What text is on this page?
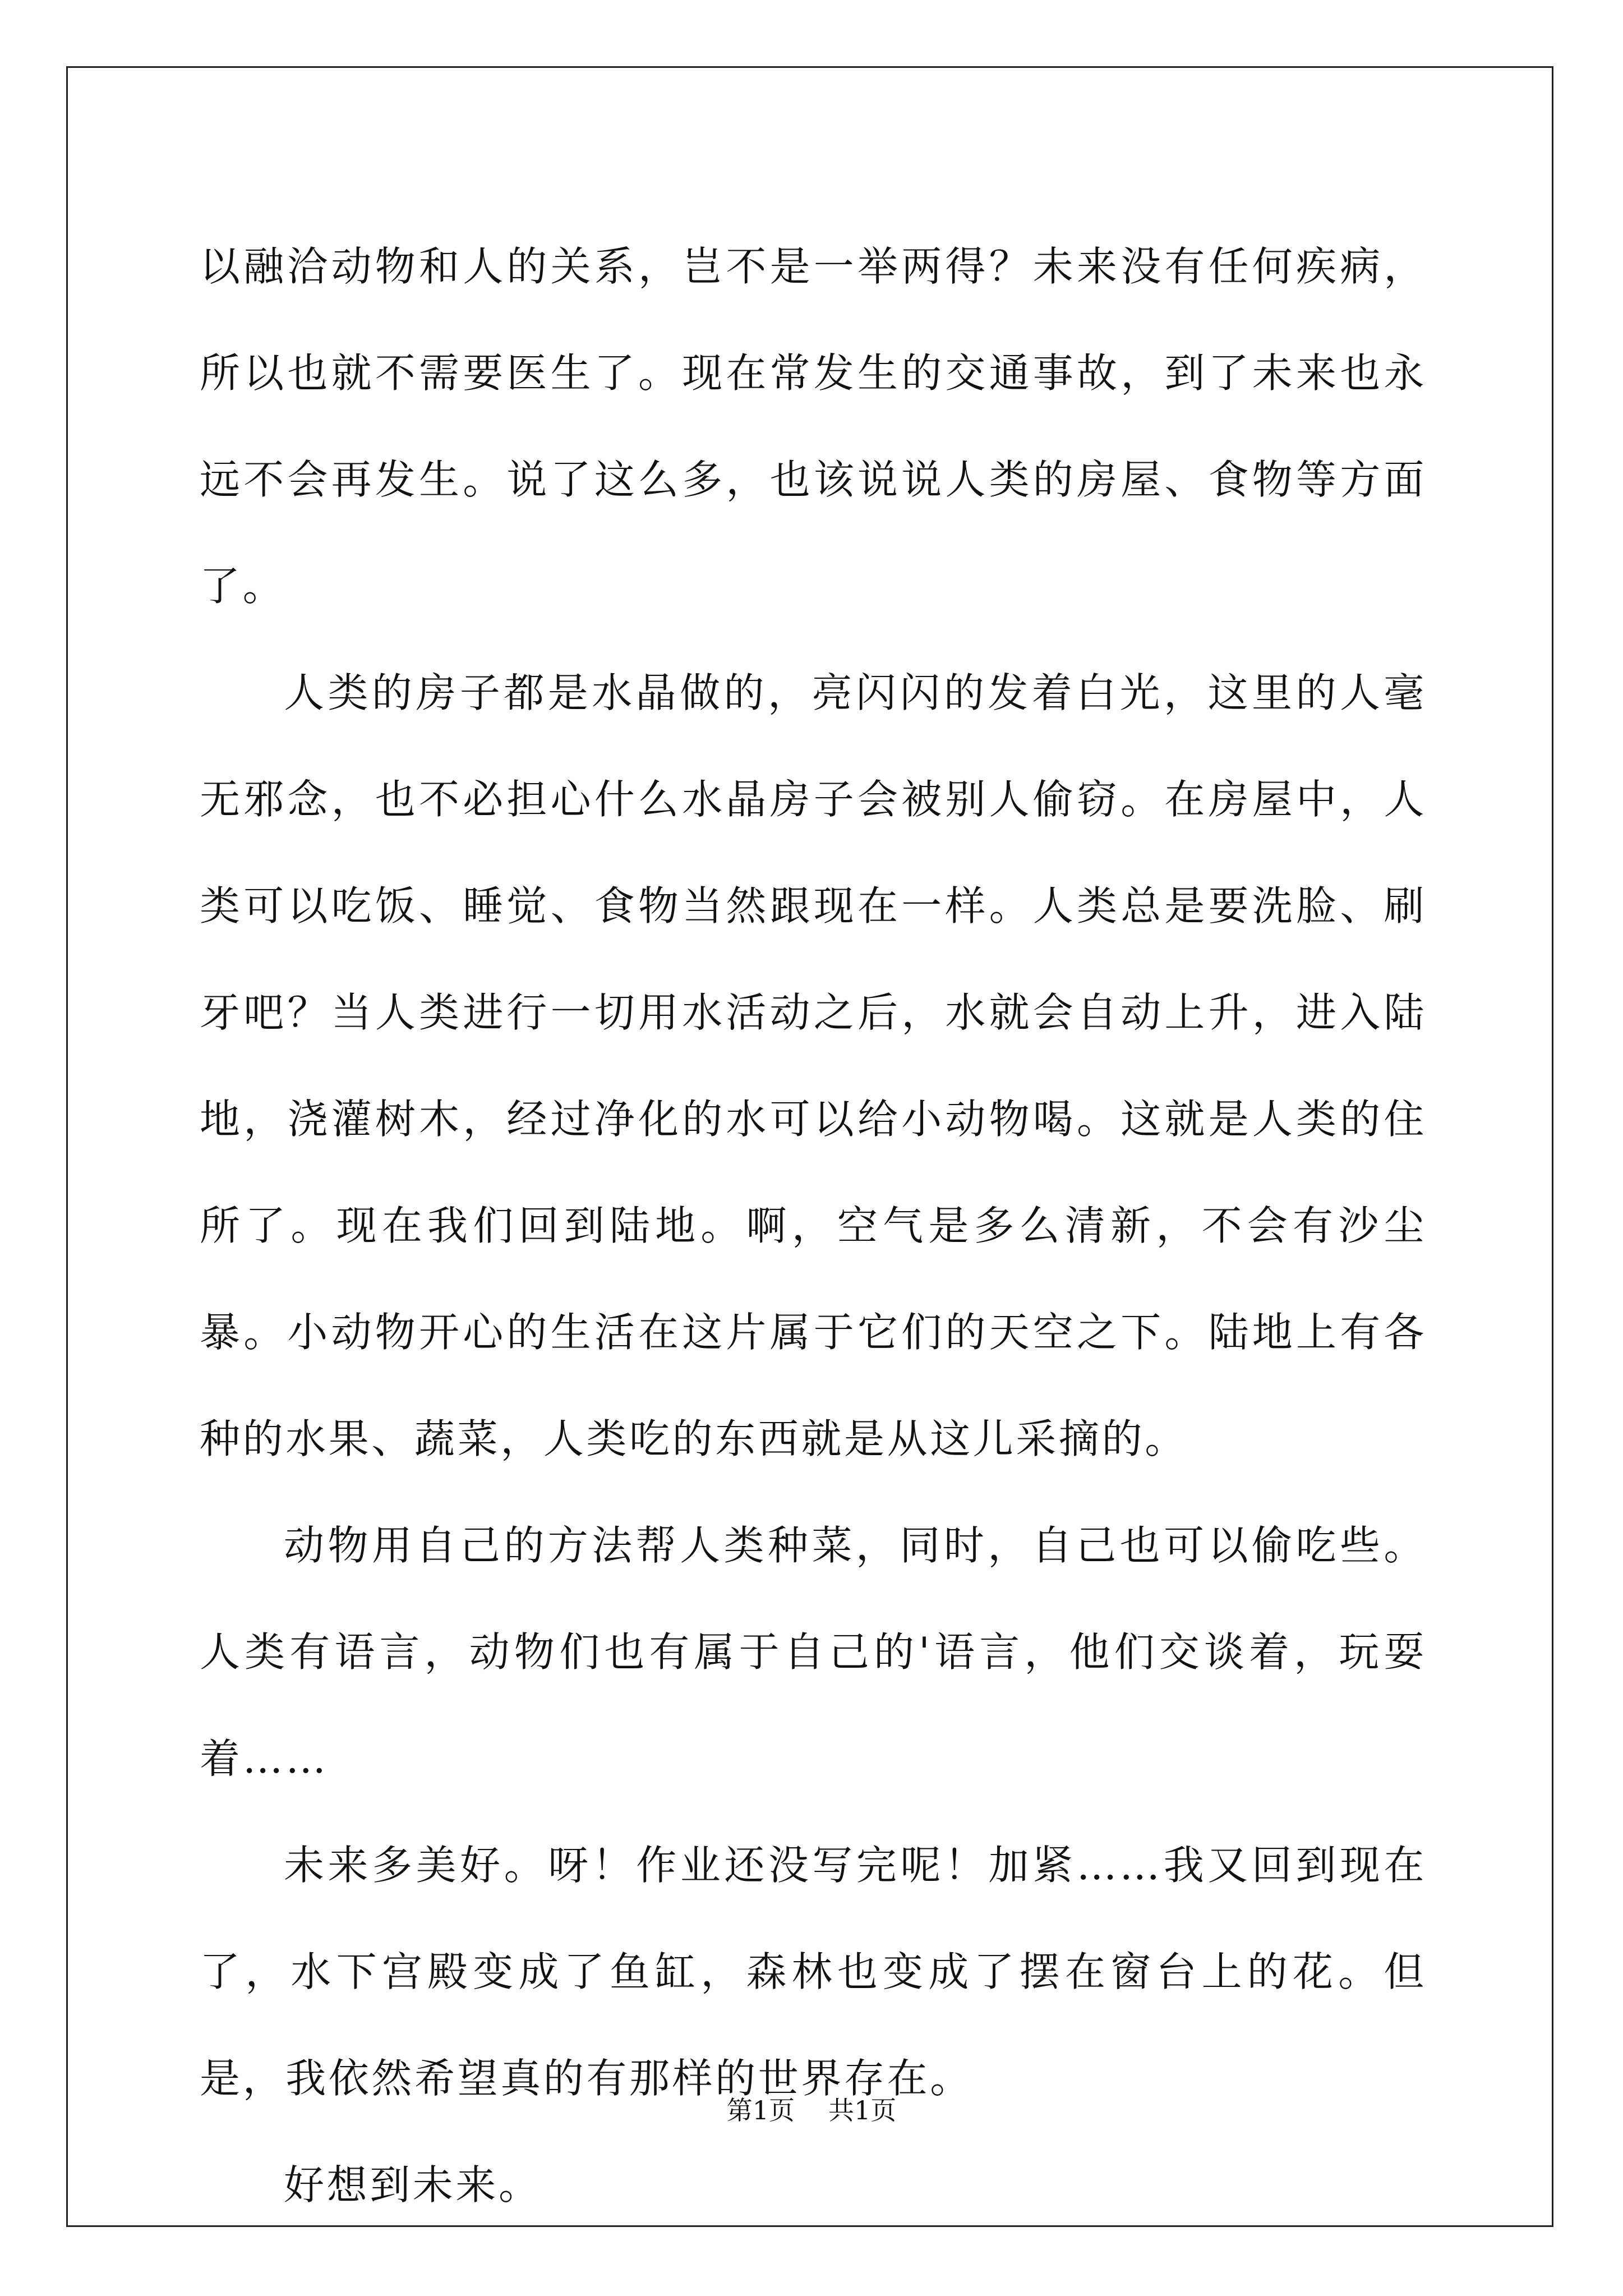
以融洽动物和人的关系，岂不是一举两得？未来没有任何疾病，所以也就不需要医生了。现在常发生的交通事故，到了未来也永远不会再发生。说了这么多，也该说说人类的房屋、食物等方面了。

人类的房子都是水晶做的，亮闪闪的发着白光，这里的人毫无邪念，也不必担心什么水晶房子会被别人偷窃。在房屋中，人类可以吃饭、睡觉、食物当然跟现在一样。人类总是要洗脸、刷牙吧？当人类进行一切用水活动之后，水就会自动上升，进入陆地，浇灌树木，经过净化的水可以给小动物喝。这就是人类的住所了。现在我们回到陆地。啊，空气是多么清新，不会有沙尘暴。小动物开心的生活在这片属于它们的天空之下。陆地上有各种的水果、蔬菜，人类吃的东西就是从这儿采摘的。

动物用自己的方法帮人类种菜，同时，自己也可以偷吃些。人类有语言，动物们也有属于自己的'语言，他们交谈着，玩耍着……

未来多美好。呀！作业还没写完呢！加紧……我又回到现在了，水下宫殿变成了鱼缸，森林也变成了摆在窗台上的花。但是，我依然希望真的有那样的世界存在。

好想到未来。

第1页 共1页
